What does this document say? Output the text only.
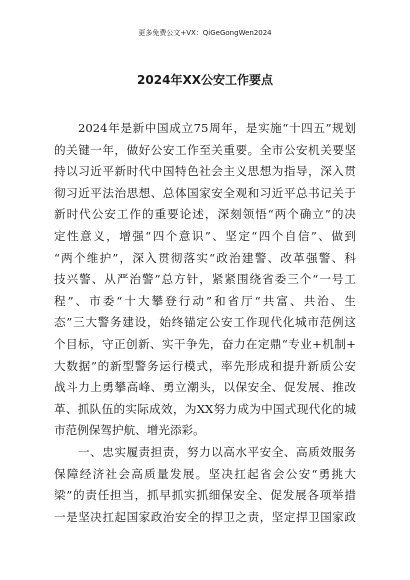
更多免费公文+VX：QiGeGongWen2024
2024年XX公安工作要点
2024年是新中国成立75周年，是实施“十四五”规划
的关键一年，做好公安工作至关重要。全市公安机关要坚
持以习近平新时代中国特色社会主义思想为指导，深入贯
彻习近平法治思想、总体国家安全观和习近平总书记关于
新时代公安工作的重要论述，深刻领悟“两个确立”的决
定性意义，增强“四个意识”、坚定“四个自信”、做到
“两个维护”，深入贯彻落实“政治建警、改革强警、科
技兴警、从严治警”总方针，紧紧围绕省委三个“一号工
程”、市委“十大攀登行动”和省厅“共富、共治、生
态”三大警务建设，始终锚定公安工作现代化城市范例这
个目标，守正创新、实干争先，奋力在定鼎“专业+机制+
大数据”的新型警务运行模式，率先形成和提升新质公安
战斗力上勇攀高峰、勇立潮头，以保安全、促发展、推改
革、抓队伍的实际成效，为XX努力成为中国式现代化的城
市范例保驾护航、增光添彩。
一、忠实履责担责，努力以高水平安全、高质效服务
保障经济社会高质量发展。坚决扛起省会公安“勇挑大
梁”的责任担当，抓早抓实抓细保安全、促发展各项举措
一是坚决扛起国家政治安全的捍卫之责，坚定捍卫国家政
